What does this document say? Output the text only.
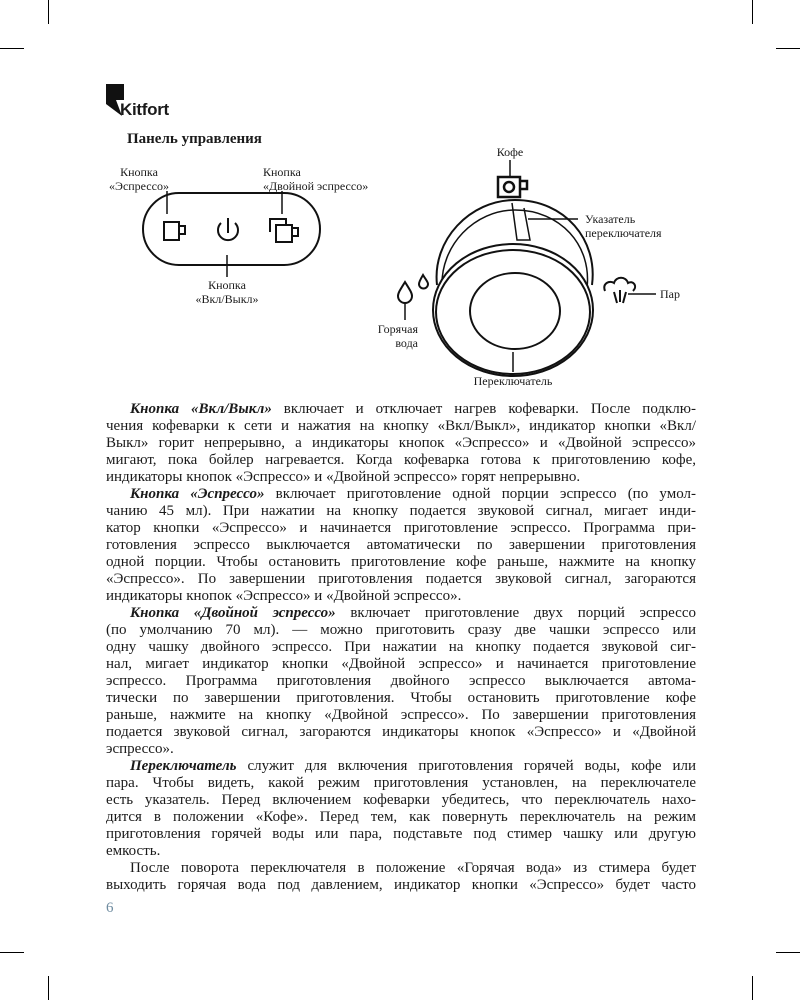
Kitfort
Панель управления
Кнопка
«Эспрессо»
Кнопка
«Двойной эспрессо»
Кнопка
«Вкл/Выкл»
Кофе
Указатель
переключателя
Пар
Горячая
вода
Переключатель
Кнопка «Вкл/Выкл» включает и отключает нагрев кофеварки. После подклю-
чения кофеварки к сети и нажатия на кнопку «Вкл/Выкл», индикатор кнопки «Вкл/
Выкл» горит непрерывно, а индикаторы кнопок «Эспрессо» и «Двойной эспрессо»
мигают, пока бойлер нагревается. Когда кофеварка готова к приготовлению кофе,
индикаторы кнопок «Эспрессо» и «Двойной эспрессо» горят непрерывно.
Кнопка «Эспрессо» включает приготовление одной порции эспрессо (по умол-
чанию 45 мл). При нажатии на кнопку подается звуковой сигнал, мигает инди-
катор кнопки «Эспрессо» и начинается приготовление эспрессо. Программа при-
готовления эспрессо выключается автоматически по завершении приготовления
одной порции. Чтобы остановить приготовление кофе раньше, нажмите на кнопку
«Эспрессо». По завершении приготовления подается звуковой сигнал, загораются
индикаторы кнопок «Эспрессо» и «Двойной эспрессо».
Кнопка «Двойной эспрессо» включает приготовление двух порций эспрессо
(по умолчанию 70 мл). — можно приготовить сразу две чашки эспрессо или
одну чашку двойного эспрессо. При нажатии на кнопку подается звуковой сиг-
нал, мигает индикатор кнопки «Двойной эспрессо» и начинается приготовление
эспрессо. Программа приготовления двойного эспрессо выключается автома-
тически по завершении приготовления. Чтобы остановить приготовление кофе
раньше, нажмите на кнопку «Двойной эспрессо». По завершении приготовления
подается звуковой сигнал, загораются индикаторы кнопок «Эспрессо» и «Двойной
эспрессо».
Переключатель служит для включения приготовления горячей воды, кофе или
пара. Чтобы видеть, какой режим приготовления установлен, на переключателе
есть указатель. Перед включением кофеварки убедитесь, что переключатель нахо-
дится в положении «Кофе». Перед тем, как повернуть переключатель на режим
приготовления горячей воды или пара, подставьте под стимер чашку или другую
емкость.
После поворота переключателя в положение «Горячая вода» из стимера будет
выходить горячая вода под давлением, индикатор кнопки «Эспрессо» будет часто
6
